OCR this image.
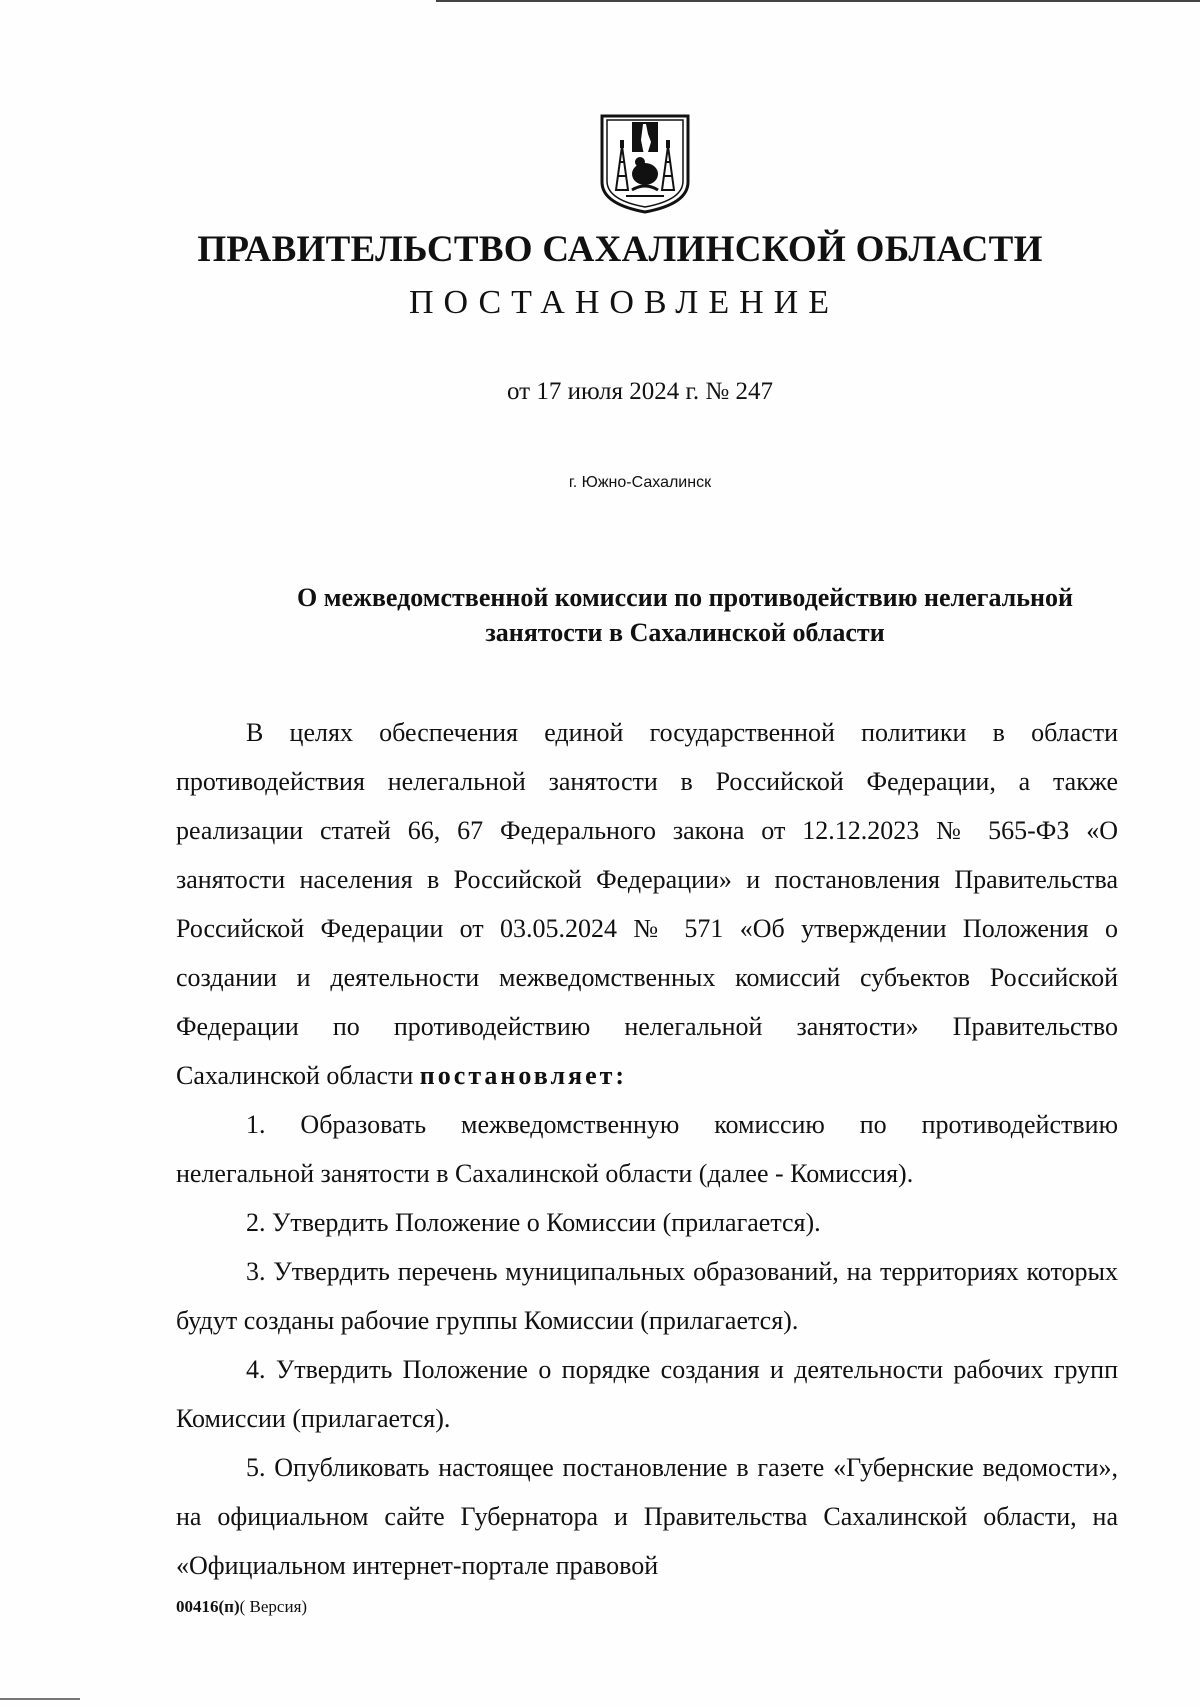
ПРАВИТЕЛЬСТВО САХАЛИНСКОЙ ОБЛАСТИ
ПОСТАНОВЛЕНИЕ
от 17 июля 2024 г. № 247
г. Южно-Сахалинск
О межведомственной комиссии по противодействию нелегальной
занятости в Сахалинской области

В целях обеспечения единой государственной политики в области противодействия нелегальной занятости в Российской Федерации, а также реализации статей 66, 67 Федерального закона от 12.12.2023 № 565-ФЗ «О занятости населения в Российской Федерации» и постановления Правительства Российской Федерации от 03.05.2024 № 571 «Об утверждении Положения о создании и деятельности межведомственных комиссий субъектов Российской Федерации по противодействию нелегальной занятости» Правительство Сахалинской области постановляет:

1. Образовать межведомственную комиссию по противодействию нелегальной занятости в Сахалинской области (далее - Комиссия).

2. Утвердить Положение о Комиссии (прилагается).

3. Утвердить перечень муниципальных образований, на территориях которых будут созданы рабочие группы Комиссии (прилагается).

4. Утвердить Положение о порядке создания и деятельности рабочих групп Комиссии (прилагается).

5. Опубликовать настоящее постановление в газете «Губернские ведомости», на официальном сайте Губернатора и Правительства Сахалинской области, на «Официальном интернет-портале правовой

00416(п)( Версия)
